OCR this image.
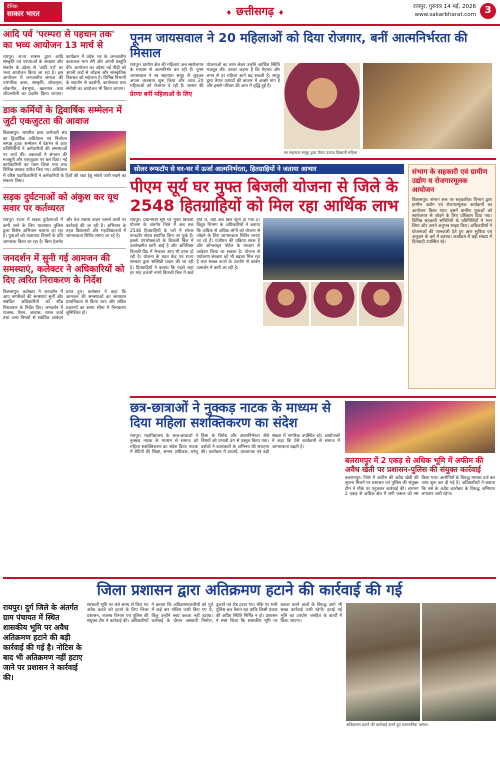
दैनिक
साकार भारत
♦	छत्तीसगढ़ ♦	रायपुर, गुरुवार 14 मई, 2026
www.sakarbharat.com 3
आदि पर्व 'परम्परा से पहचान तक' का भव्य आयोजन 13 मार्च से
रायपुर। राज्य शासन द्वारा आदि संस्कृति एवं परंपराओं के संरक्षण और संवर्धन के उद्देश्य से 'आदि पर्व' का भव्य आयोजन किया जा रहा है। इस आयोजन में जनजातीय समाज की पारंपरिक कला, संस्कृति, लोकनृत्य, लोकगीत, वेशभूषा, खानपान तथा जीवनशैली का प्रदर्शन किया जाएगा। कार्यक्रम में प्रदेश भर के जनजातीय कलाकार भाग लेंगे और अपनी प्रस्तुति देंगे। आयोजन का उद्देश्य नई पीढ़ी को अपनी जड़ों से जोड़ना और सांस्कृतिक विरासत को सहेजना है। विभिन्न विभागों के सहयोग से प्रदर्शनी, कार्यशाला तथा संगोष्ठी का आयोजन भी किया जाएगा।
डाक कर्मियों के द्विवार्षिक सम्मेलन में जुटी एकजुटता की आवाज
बिलासपुर। भारतीय डाक कर्मचारी संघ का द्विवार्षिक अधिवेशन एवं निर्वाचन सम्पन्न हुआ। सम्मेलन में देशभर से आए प्रतिनिधियों ने कर्मचारियों की समस्याओं पर चर्चा की। वक्ताओं ने संगठन की मजबूती और एकजुटता पर बल दिया। नई कार्यकारिणी का गठन किया गया तथा विभिन्न प्रस्ताव पारित किए गए। अधिवेशन में वरिष्ठ पदाधिकारियों ने कर्मचारियों के हितों की रक्षा हेतु संघर्ष जारी रखने का संकल्प लिया।
सड़क दुर्घटनाओं को अंकुश कर यूथ सवार पर कर्तव्यरत
रायपुर। राज्य में सड़क दुर्घटनाओं में कमी लाने के लिए यातायात पुलिस द्वारा विशेष अभियान चलाया जा रहा है। युवाओं को यातायात नियमों के प्रति जागरूक किया जा रहा है। बिना हेलमेट और तेज रफ्तार वाहन चलाने वालों पर कार्रवाई की जा रही है। अभियान के तहत विद्यालयों और महाविद्यालयों में जागरूकता शिविर लगाए जा रहे हैं।
जनदर्शन में सुनी गई आमजन की समस्याएं, कलेक्टर ने अधिकारियों को दिए त्वरित निराकरण के निर्देश
बिलासपुर। कलेक्टर ने जनदर्शन में आए नागरिकों की समस्याएं सुनीं और संबंधित अधिकारियों को शीघ्र निराकरण के निर्देश दिए। जनदर्शन में राजस्व, पेंशन, आवास, राशन कार्ड तथा अन्य विषयों से संबंधित आवेदन प्राप्त हुए। कलेक्टर ने कहा कि आमजन की समस्याओं का समाधान प्राथमिकता से किया जाए और लंबित प्रकरणों का समय सीमा में निराकरण सुनिश्चित हो।
पूनम जायसवाल ने 20 महिलाओं को दिया रोजगार, बनीं आत्मनिर्भरता की मिसाल
रायपुर। ग्रामीण क्षेत्र की महिलाएं अब स्वरोजगार के माध्यम से आत्मनिर्भर बन रही हैं। पूनम जायसवाल ने स्व सहायता समूह से जुड़कर अपना व्यवसाय शुरू किया और आज 20 महिलाओं को रोजगार दे रही हैं। शासन की योजनाओं का लाभ लेकर उन्होंने आर्थिक स्थिति मजबूत की। उनका कहना है कि मेहनत और लगन से हर महिला आगे बढ़ सकती है। समूह द्वारा तैयार उत्पादों की बाजार में अच्छी मांग है और इससे परिवार की आय में वृद्धि हुई है।
प्रेरणा बनीं महिलाओं के लिए
स्व सहायता समूह द्वारा तैयार उत्पाद दिखाती महिला
सोलर रूफटॉप से घर-घर में ऊर्जा आत्मनिर्भरता, हितग्राहियों ने जताया आभार
पीएम सूर्य घर मुफ्त बिजली योजना से जिले के 2548 हितग्राहियों को मिल रहा आर्थिक लाभ
रायपुर। प्रधानमंत्री सूर्य घर मुफ्त बिजली योजना के अंतर्गत जिले में अब तक 2548 हितग्राहियों के घरों में सोलर रूफटॉप संयंत्र स्थापित किए जा चुके हैं। इससे उपभोक्ताओं के बिजली बिल में उल्लेखनीय कमी आई है और अतिरिक्त बिजली ग्रिड में भेजकर आय भी प्राप्त हो रही है। योजना के तहत केंद्र एवं राज्य सरकार द्वारा सब्सिडी प्रदान की जा रही है। हितग्राहियों ने बताया कि पहले जहां हर माह हजारों रुपये बिजली बिल में खर्च होते थे, वहीं अब बिल शून्य हो गया है। विद्युत विभाग के अधिकारियों ने बताया कि अधिक से अधिक लोगों को योजना से जोड़ने के लिए जागरूकता शिविर लगाए जा रहे हैं। पंजीयन की प्रक्रिया सरल है और ऑनलाइन पोर्टल के माध्यम से आवेदन किया जा सकता है। योजना से पर्यावरण संरक्षण को भी बढ़ावा मिल रहा है तथा स्वच्छ ऊर्जा के उपयोग से कार्बन उत्सर्जन में कमी आ रही है।
संभाग के सहकारी एवं ग्रामीण उद्योग व रोजगारमूलक आयोजन
बिलासपुर। संभाग स्तर पर सहकारिता विभाग द्वारा ग्रामीण उद्योग एवं रोजगारमूलक कार्यक्रमों का आयोजन किया गया। इसमें ग्रामीण युवाओं को स्वरोजगार से जोड़ने के लिए प्रशिक्षण दिया गया। विभिन्न सहकारी समितियों के प्रतिनिधियों ने भाग लिया और अपने अनुभव साझा किए। अधिकारियों ने योजनाओं की जानकारी देते हुए ऋण सुविधा एवं अनुदान के बारे में बताया। कार्यक्रम में बड़ी संख्या में हितग्राही उपस्थित रहे।
छत्र-छात्राओं ने नुक्कड़ नाटक के माध्यम से दिया महिला सशक्तिकरण का संदेश
रायपुर। महाविद्यालय के छात्र-छात्राओं ने नुक्कड़ नाटक के माध्यम से समाज को महिला सशक्तिकरण का संदेश दिया। नाटक में बेटियों की शिक्षा, समान अधिकार, घरेलू हिंसा के विरोध और आत्मनिर्भरता जैसे विषयों को प्रभावी ढंग से प्रस्तुत किया गया। दर्शकों ने कलाकारों के अभिनय की सराहना की। कार्यक्रम में प्राचार्य, प्राध्यापक एवं बड़ी संख्या में नागरिक उपस्थित रहे। आयोजकों ने कहा कि ऐसे कार्यक्रमों से समाज में जागरूकता बढ़ती है।
बलरामपुर में 2 एकड़ से अधिक भूमि में अफीम की अवैध खेती पर प्रशासन-पुलिस की संयुक्त कार्रवाई
बलरामपुर। जिले में अफीम की अवैध खेती की सूचना मिलने पर प्रशासन एवं पुलिस की संयुक्त टीम ने मौके पर पहुंचकर कार्रवाई की। लगभग 2 एकड़ से अधिक क्षेत्र में लगी फसल को नष्ट किया गया। आरोपियों के विरुद्ध मामला दर्ज कर जांच शुरू कर दी गई है। अधिकारियों ने बताया कि नशे के अवैध कारोबार के विरुद्ध अभियान लगातार जारी रहेगा।
जिला प्रशासन द्वारा अतिक्रमण हटाने की कार्रवाई की गई
रायपुर। दुर्ग जिले के अंतर्गत ग्राम पंचायत में स्थित शासकीय भूमि पर अवैध अतिक्रमण हटाने की बड़ी कार्रवाई की गई है। नोटिस के बाद भी अतिक्रमण नहीं हटाए जाने पर प्रशासन ने कार्रवाई की।
सरकारी भूमि पर लंबे समय से किए गए अवैध कब्जे को हटाने के लिए जिला प्रशासन, राजस्व विभाग एवं पुलिस की संयुक्त टीम ने कार्रवाई की। अधिकारियों ने बताया कि अतिक्रमणकारियों को पूर्व में कई बार नोटिस जारी किए गए थे, किंतु उन्होंने स्वयं कब्जा नहीं हटाया। कार्रवाई के दौरान अस्थायी निर्माण, दुकानें एवं शेड हटाए गए। मौके पर भारी पुलिस बल तैनात रहा ताकि किसी प्रकार की अप्रिय स्थिति निर्मित न हो। प्रशासन ने स्पष्ट किया कि शासकीय भूमि पर कब्जा करने वालों के विरुद्ध आगे भी सख्त कार्रवाई जारी रहेगी। हटाई गई भूमि का उपयोग जनहित के कार्यों में किया जाएगा।
अतिक्रमण हटाने की कार्रवाई करते हुए प्रशासनिक अमला
